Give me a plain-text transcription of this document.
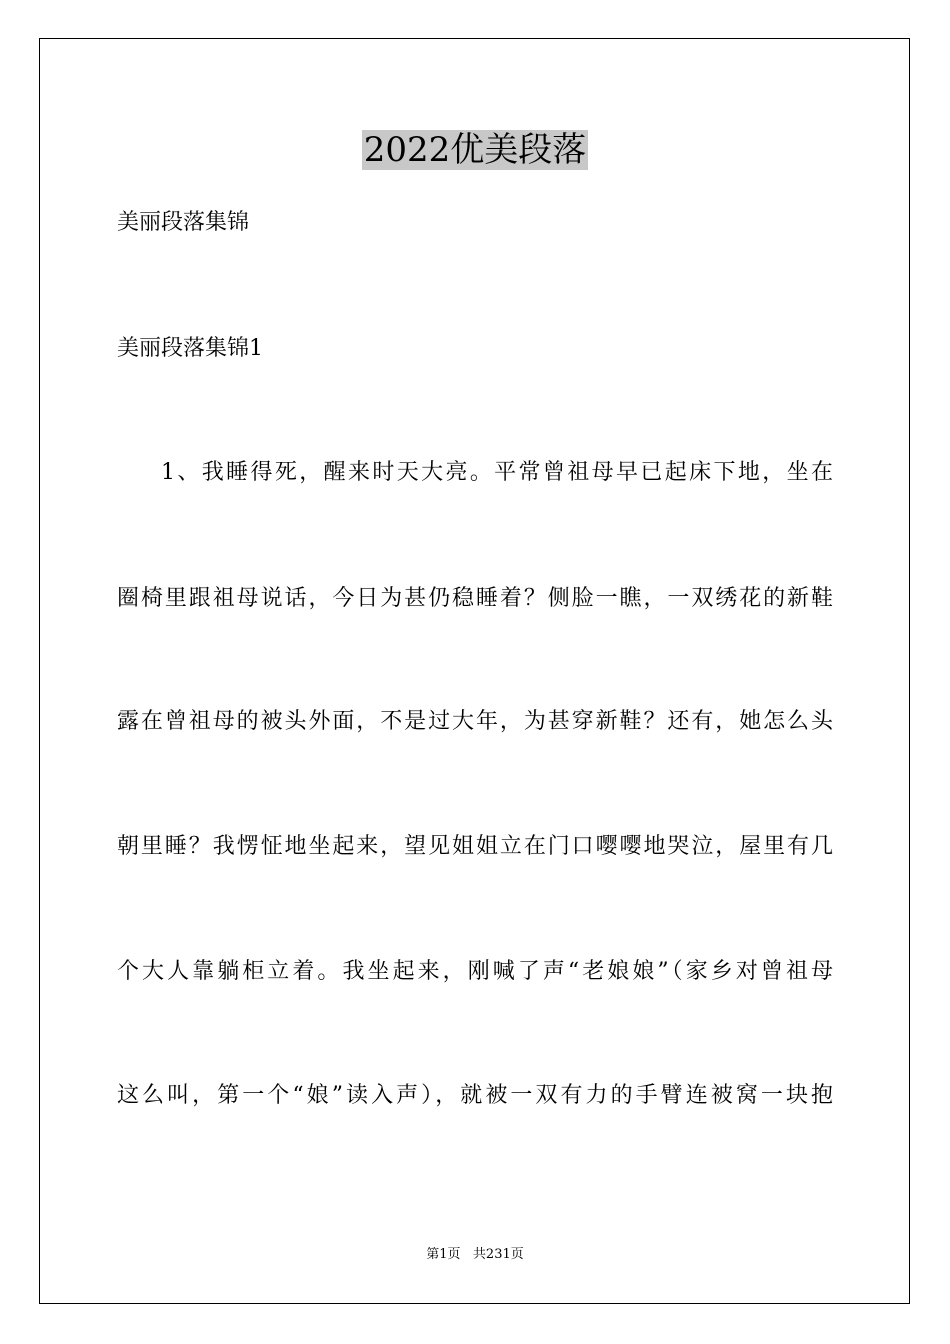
2022优美段落
美丽段落集锦
美丽段落集锦1
1、我睡得死，醒来时天大亮。平常曾祖母早已起床下地，坐在
圈椅里跟祖母说话，今日为甚仍稳睡着？侧脸一瞧，一双绣花的新鞋
露在曾祖母的被头外面，不是过大年，为甚穿新鞋？还有，她怎么头
朝里睡？我愣怔地坐起来，望见姐姐立在门口嘤嘤地哭泣，屋里有几
个大人靠躺柜立着。我坐起来，刚喊了声“老娘娘”（家乡对曾祖母
这么叫，第一个“娘”读入声），就被一双有力的手臂连被窝一块抱
第1页   共231页
